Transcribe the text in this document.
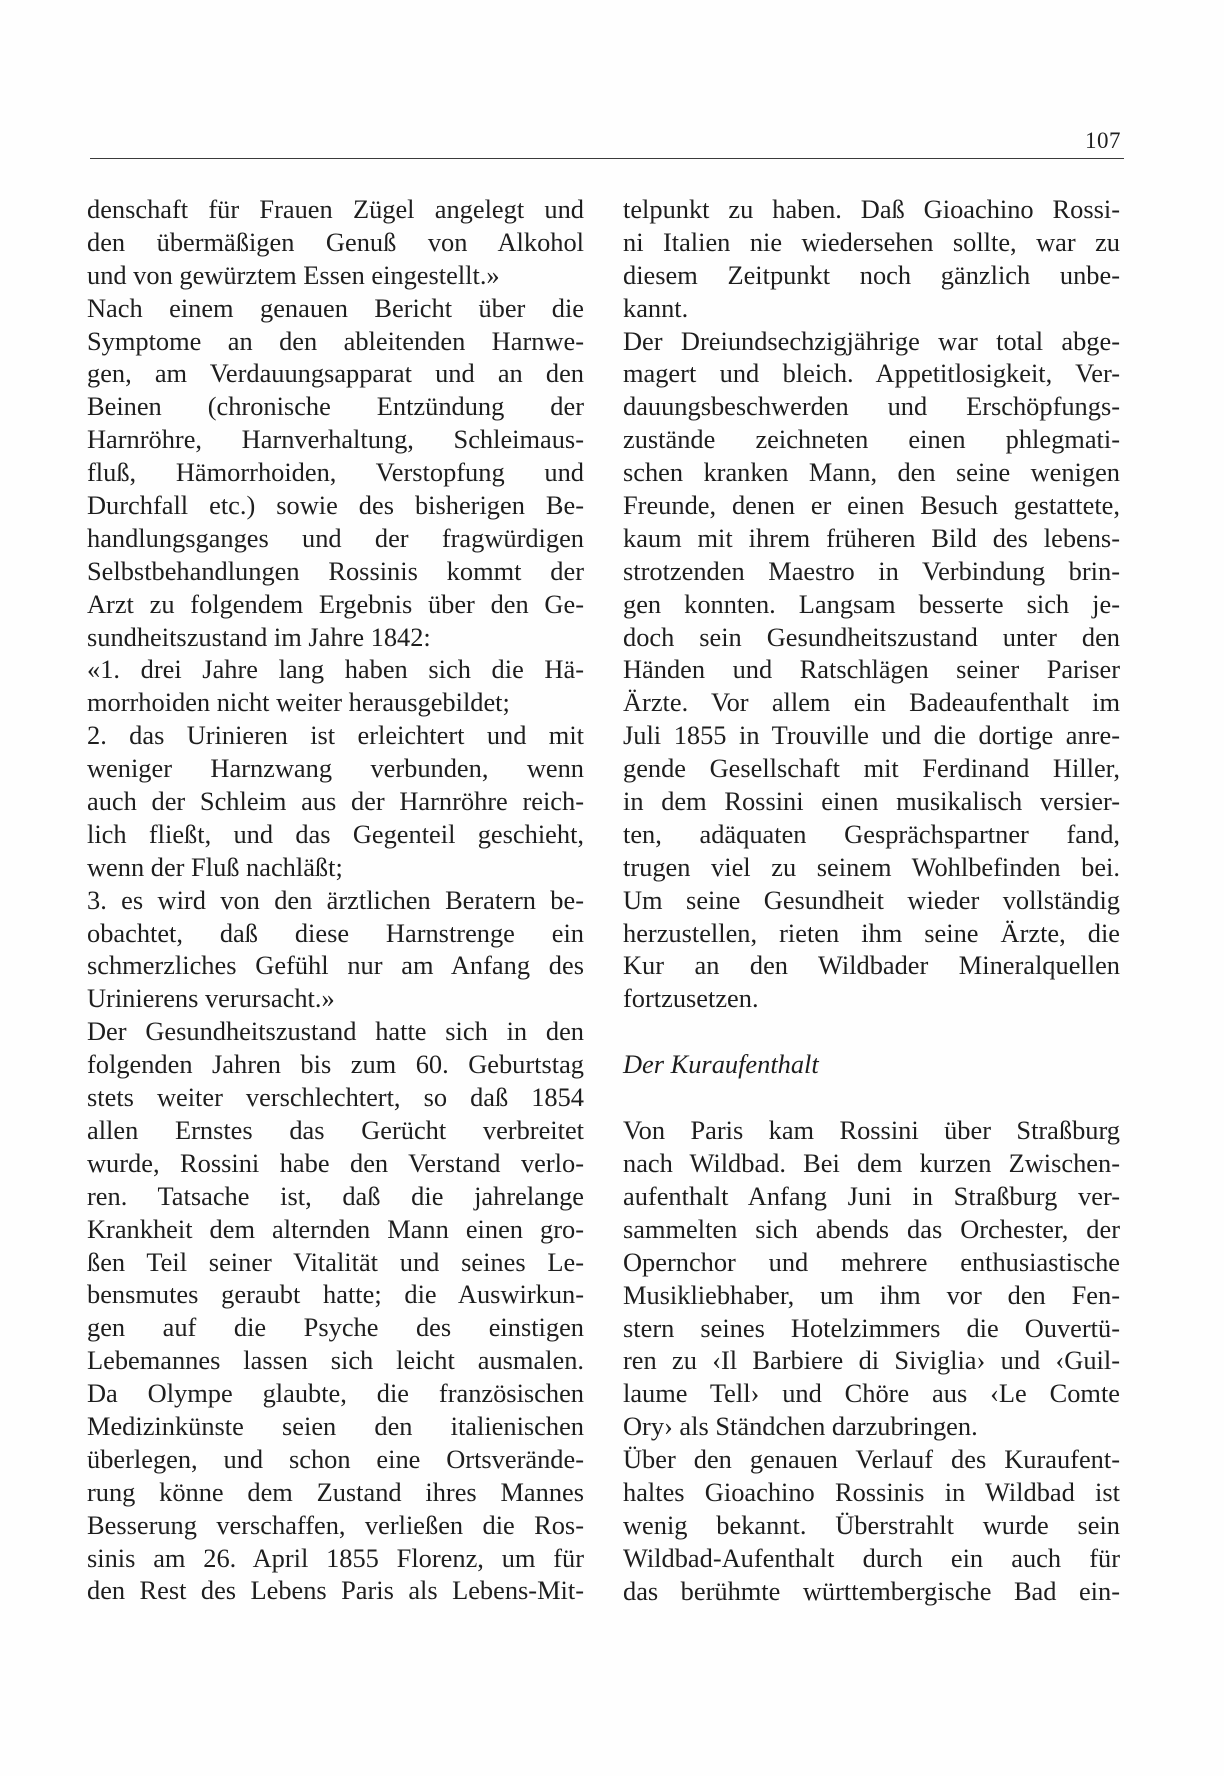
107
denschaft für Frauen Zügel angelegt und
den übermäßigen Genuß von Alkohol
und von gewürztem Essen eingestellt.»
Nach einem genauen Bericht über die
Symptome an den ableitenden Harnwe-
gen, am Verdauungsapparat und an den
Beinen (chronische Entzündung der
Harnröhre, Harnverhaltung, Schleimaus-
fluß, Hämorrhoiden, Verstopfung und
Durchfall etc.) sowie des bisherigen Be-
handlungsganges und der fragwürdigen
Selbstbehandlungen Rossinis kommt der
Arzt zu folgendem Ergebnis über den Ge-
sundheitszustand im Jahre 1842:
«1. drei Jahre lang haben sich die Hä-
morrhoiden nicht weiter herausgebildet;
2. das Urinieren ist erleichtert und mit
weniger Harnzwang verbunden, wenn
auch der Schleim aus der Harnröhre reich-
lich fließt, und das Gegenteil geschieht,
wenn der Fluß nachläßt;
3. es wird von den ärztlichen Beratern be-
obachtet, daß diese Harnstrenge ein
schmerzliches Gefühl nur am Anfang des
Urinierens verursacht.»
Der Gesundheitszustand hatte sich in den
folgenden Jahren bis zum 60. Geburtstag
stets weiter verschlechtert, so daß 1854
allen Ernstes das Gerücht verbreitet
wurde, Rossini habe den Verstand verlo-
ren. Tatsache ist, daß die jahrelange
Krankheit dem alternden Mann einen gro-
ßen Teil seiner Vitalität und seines Le-
bensmutes geraubt hatte; die Auswirkun-
gen auf die Psyche des einstigen
Lebemannes lassen sich leicht ausmalen.
Da Olympe glaubte, die französischen
Medizinkünste seien den italienischen
überlegen, und schon eine Ortsverände-
rung könne dem Zustand ihres Mannes
Besserung verschaffen, verließen die Ros-
sinis am 26. April 1855 Florenz, um für
den Rest des Lebens Paris als Lebens-Mit-
telpunkt zu haben. Daß Gioachino Rossi-
ni Italien nie wiedersehen sollte, war zu
diesem Zeitpunkt noch gänzlich unbe-
kannt.
Der Dreiundsechzigjährige war total abge-
magert und bleich. Appetitlosigkeit, Ver-
dauungsbeschwerden und Erschöpfungs-
zustände zeichneten einen phlegmati-
schen kranken Mann, den seine wenigen
Freunde, denen er einen Besuch gestattete,
kaum mit ihrem früheren Bild des lebens-
strotzenden Maestro in Verbindung brin-
gen konnten. Langsam besserte sich je-
doch sein Gesundheitszustand unter den
Händen und Ratschlägen seiner Pariser
Ärzte. Vor allem ein Badeaufenthalt im
Juli 1855 in Trouville und die dortige anre-
gende Gesellschaft mit Ferdinand Hiller,
in dem Rossini einen musikalisch versier-
ten, adäquaten Gesprächspartner fand,
trugen viel zu seinem Wohlbefinden bei.
Um seine Gesundheit wieder vollständig
herzustellen, rieten ihm seine Ärzte, die
Kur an den Wildbader Mineralquellen
fortzusetzen.
Der Kuraufenthalt
Von Paris kam Rossini über Straßburg
nach Wildbad. Bei dem kurzen Zwischen-
aufenthalt Anfang Juni in Straßburg ver-
sammelten sich abends das Orchester, der
Opernchor und mehrere enthusiastische
Musikliebhaber, um ihm vor den Fen-
stern seines Hotelzimmers die Ouvertü-
ren zu ‹Il Barbiere di Siviglia› und ‹Guil-
laume Tell› und Chöre aus ‹Le Comte
Ory› als Ständchen darzubringen.
Über den genauen Verlauf des Kuraufent-
haltes Gioachino Rossinis in Wildbad ist
wenig bekannt. Überstrahlt wurde sein
Wildbad-Aufenthalt durch ein auch für
das berühmte württembergische Bad ein-
